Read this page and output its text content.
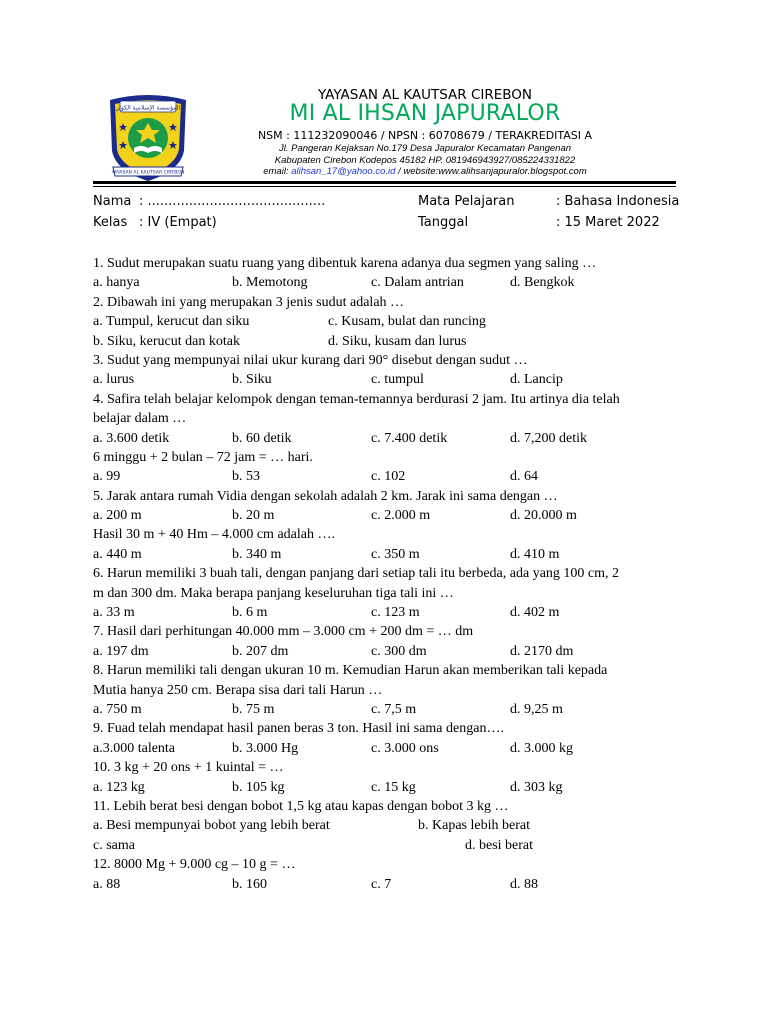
المؤسسة الإسلامية الكوثر
YAYASAN AL KAUTSAR CIREBON
YAYASAN AL KAUTSAR CIREBON
MI AL IHSAN JAPURALOR
NSM : 111232090046 / NPSN : 60708679 / TERAKREDITASI A
Jl. Pangeran Kejaksan No.179 Desa Japuralor Kecamatan Pangenan
Kabupaten Cirebon Kodepos 45182 HP. 081946943927/085224331822
email: alihsan_17@yahoo.co.id / website:www.alihsanjapuralor.blogspot.com
Nama : ...........................................
Kelas : IV (Empat)
Mata Pelajaran	: Bahasa Indonesia
Tanggal	: 15 Maret 2022
1. Sudut merupakan suatu ruang yang dibentuk karena adanya dua segmen yang saling …
a. hanya	b. Memotong	c. Dalam antrian	d. Bengkok
2. Dibawah ini yang merupakan 3 jenis sudut adalah …
a. Tumpul, kerucut dan siku	c. Kusam, bulat dan runcing
b. Siku, kerucut dan kotak	d. Siku, kusam dan lurus
3. Sudut yang mempunyai nilai ukur kurang dari 90° disebut dengan sudut …
a. lurus	b. Siku	c. tumpul	d. Lancip
4. Safira telah belajar kelompok dengan teman-temannya berdurasi 2 jam. Itu artinya dia telah
belajar dalam …
a. 3.600 detik	b. 60 detik	c. 7.400 detik	d. 7,200 detik
6 minggu + 2 bulan – 72 jam = … hari.
a. 99	b. 53	c. 102	d. 64
5. Jarak antara rumah Vidia dengan sekolah adalah 2 km. Jarak ini sama dengan …
a. 200 m	b. 20 m	c. 2.000 m	d. 20.000 m
Hasil 30 m + 40 Hm – 4.000 cm adalah ….
a. 440 m	b. 340 m	c. 350 m	d. 410 m
6. Harun memiliki 3 buah tali, dengan panjang dari setiap tali itu berbeda, ada yang 100 cm, 2
m dan 300 dm. Maka berapa panjang keseluruhan tiga tali ini …
a. 33 m	b. 6 m	c. 123 m	d. 402 m
7. Hasil dari perhitungan 40.000 mm – 3.000 cm + 200 dm = … dm
a. 197 dm	b. 207 dm	c. 300 dm	d. 2170 dm
8. Harun memiliki tali dengan ukuran 10 m. Kemudian Harun akan memberikan tali kepada
Mutia hanya 250 cm. Berapa sisa dari tali Harun …
a. 750 m	b. 75 m	c. 7,5 m	d. 9,25 m
9. Fuad telah mendapat hasil panen beras 3 ton. Hasil ini sama dengan….
a.3.000 talenta	b. 3.000 Hg	c. 3.000 ons	d. 3.000 kg
10. 3 kg + 20 ons + 1 kuintal = …
a. 123 kg	b. 105 kg	c. 15 kg	d. 303 kg
11. Lebih berat besi dengan bobot 1,5 kg atau kapas dengan bobot 3 kg …
a. Besi mempunyai bobot yang lebih berat	b. Kapas lebih berat
c. sama	d. besi berat
12. 8000 Mg + 9.000 cg – 10 g = …
a. 88	b. 160	c. 7	d. 88
